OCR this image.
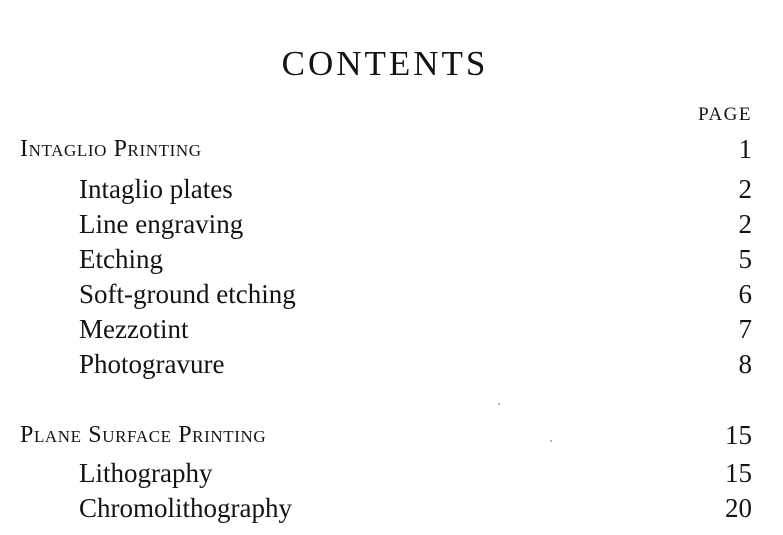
CONTENTS
PAGE
Intaglio Printing	1
Intaglio plates	2
Line engraving	2
Etching	5
Soft-ground etching	6
Mezzotint	7
Photogravure	8
Plane Surface Printing	15
Lithography	15
Chromolithography	20
